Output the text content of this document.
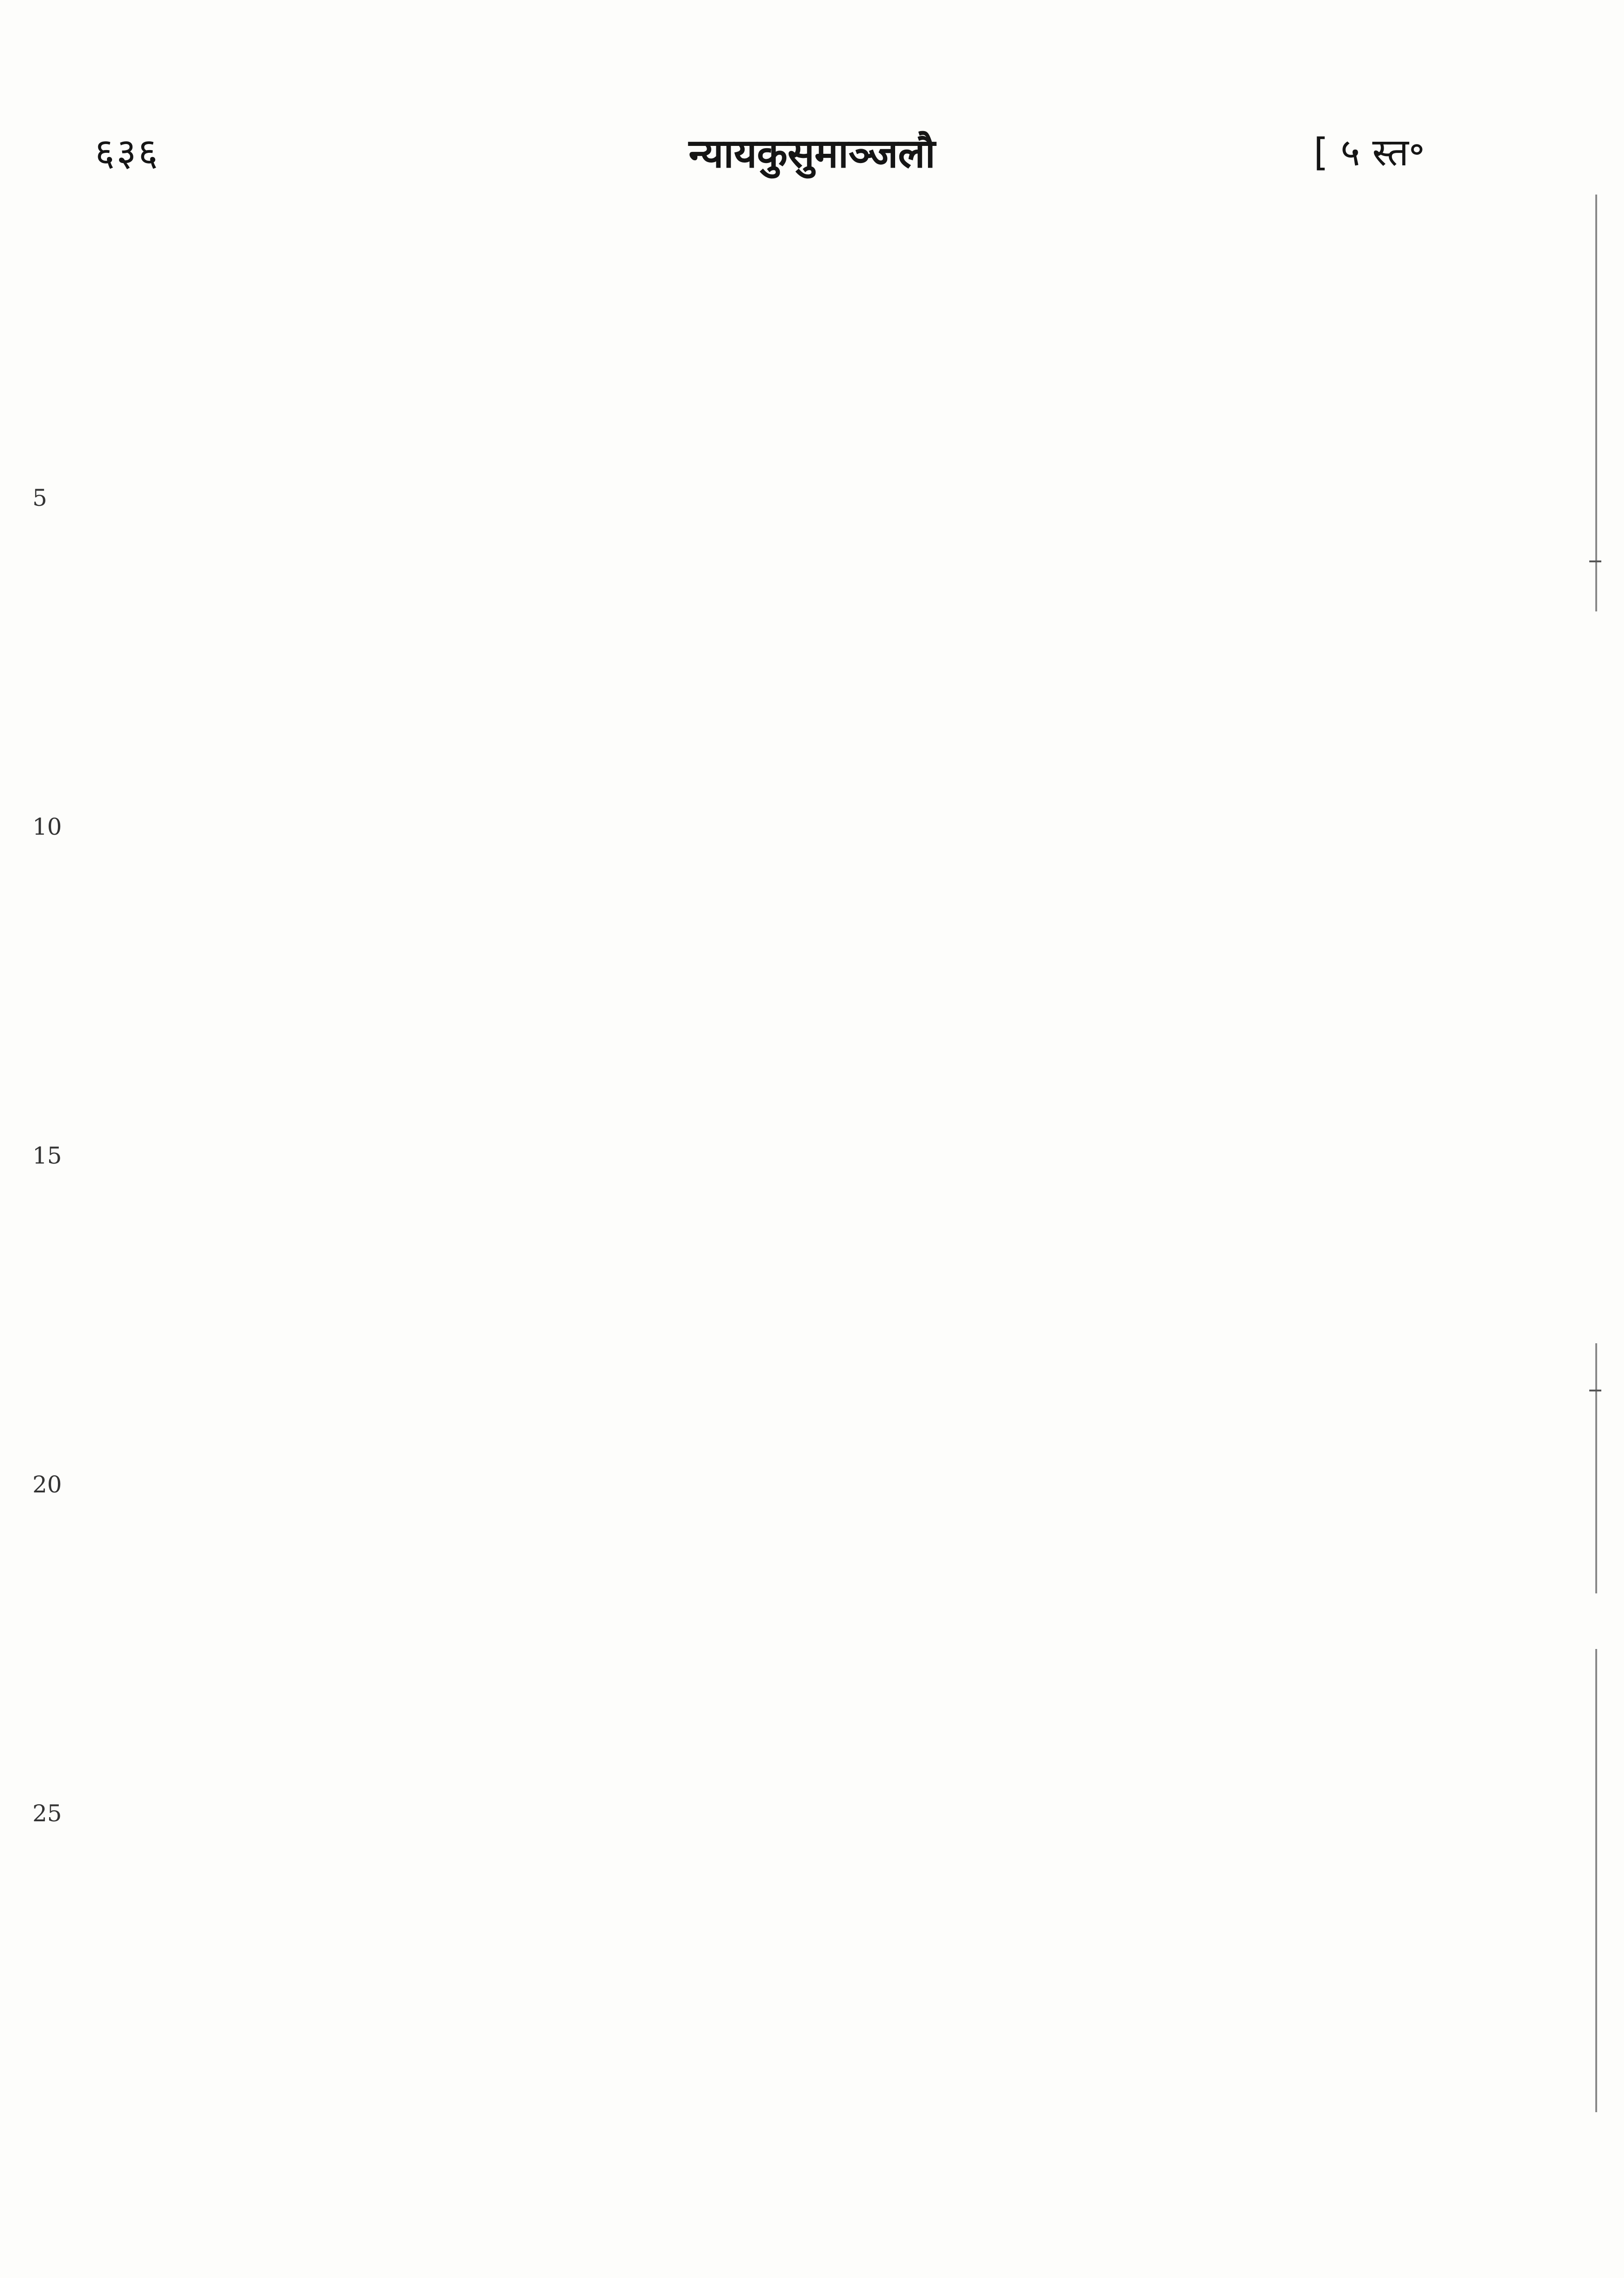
६३६	न्यायकुसुमाञ्जलौ	[ ५ स्त॰
5
10
15
20
25
